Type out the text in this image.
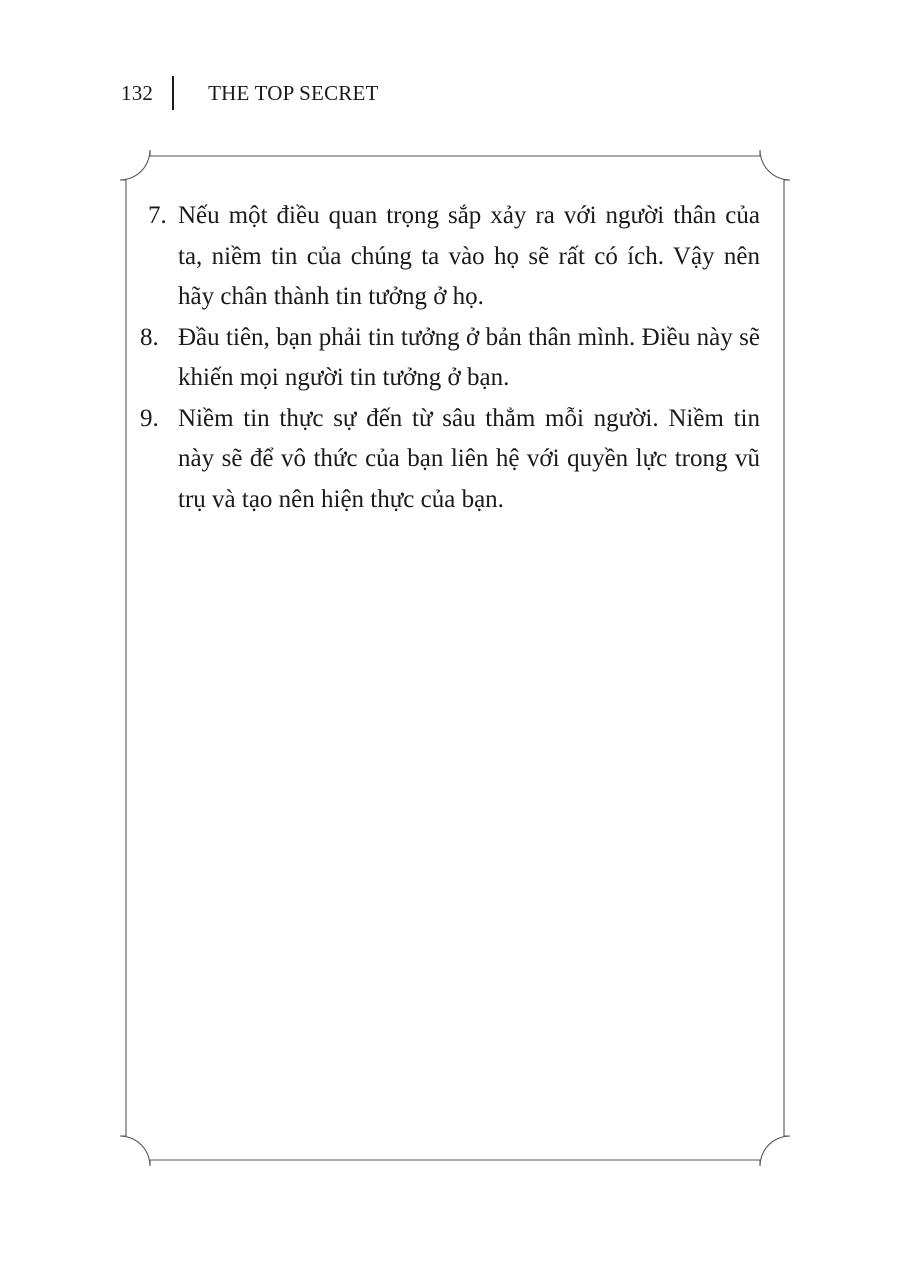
132	THE TOP SECRET
7. Nếu một điều quan trọng sắp xảy ra với người thân của ta, niềm tin của chúng ta vào họ sẽ rất có ích. Vậy nên hãy chân thành tin tưởng ở họ.
8. Đầu tiên, bạn phải tin tưởng ở bản thân mình. Điều này sẽ khiến mọi người tin tưởng ở bạn.
9. Niềm tin thực sự đến từ sâu thẳm mỗi người. Niềm tin này sẽ để vô thức của bạn liên hệ với quyền lực trong vũ trụ và tạo nên hiện thực của bạn.
